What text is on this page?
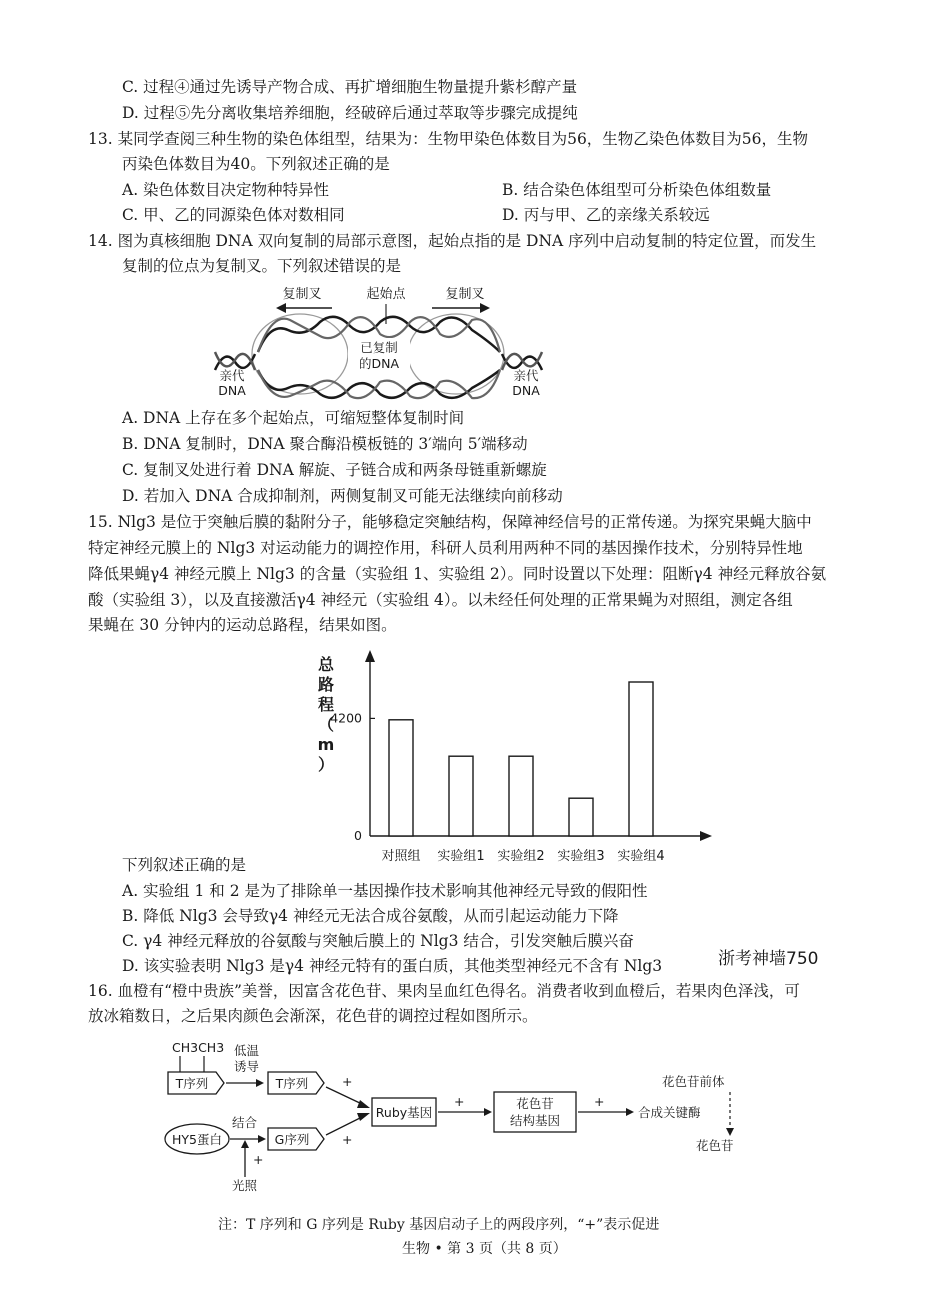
C. 过程④通过先诱导产物合成、再扩增细胞生物量提升紫杉醇产量
D. 过程⑤先分离收集培养细胞，经破碎后通过萃取等步骤完成提纯
13. 某同学查阅三种生物的染色体组型，结果为：生物甲染色体数目为56，生物乙染色体数目为56，生物
丙染色体数目为40。下列叙述正确的是
A. 染色体数目决定物种特异性	B. 结合染色体组型可分析染色体组数量
C. 甲、乙的同源染色体对数相同	D. 丙与甲、乙的亲缘关系较远
14. 图为真核细胞 DNA 双向复制的局部示意图，起始点指的是 DNA 序列中启动复制的特定位置，而发生
复制的位点为复制叉。下列叙述错误的是
已复制
的DNA
复制叉	起始点	复制叉
亲代
DNA
亲代
DNA
A. DNA 上存在多个起始点，可缩短整体复制时间
B. DNA 复制时，DNA 聚合酶沿模板链的 3′端向 5′端移动
C. 复制叉处进行着 DNA 解旋、子链合成和两条母链重新螺旋
D. 若加入 DNA 合成抑制剂，两侧复制叉可能无法继续向前移动
15. Nlg3 是位于突触后膜的黏附分子，能够稳定突触结构，保障神经信号的正常传递。为探究果蝇大脑中
特定神经元膜上的 Nlg3 对运动能力的调控作用，科研人员利用两种不同的基因操作技术，分别特异性地
降低果蝇γ4 神经元膜上 Nlg3 的含量（实验组 1、实验组 2）。同时设置以下处理：阻断γ4 神经元释放谷氨
酸（实验组 3），以及直接激活γ4 神经元（实验组 4）。以未经任何处理的正常果蝇为对照组，测定各组
果蝇在 30 分钟内的运动总路程，结果如图。
总
路
程
（
m
）
0
4200
对照组 实验组1 实验组2 实验组3 实验组4
下列叙述正确的是
A. 实验组 1 和 2 是为了排除单一基因操作技术影响其他神经元导致的假阳性
B. 降低 Nlg3 会导致γ4 神经元无法合成谷氨酸，从而引起运动能力下降
C. γ4 神经元释放的谷氨酸与突触后膜上的 Nlg3 结合，引发突触后膜兴奋
D. 该实验表明 Nlg3 是γ4 神经元特有的蛋白质，其他类型神经元不含有 Nlg3	浙考神墙750
16. 血橙有“橙中贵族”美誉，因富含花色苷、果肉呈血红色得名。消费者收到血橙后，若果肉色泽浅，可
放冰箱数日，之后果肉颜色会渐深，花色苷的调控过程如图所示。
CH3CH3
T序列
低温
诱导
T序列
HY5蛋白
结合
G序列
+
光照
+
+
Ruby基因
+	花色苷
结构基因
+
合成关键酶
花色苷前体
花色苷
注：T 序列和 G 序列是 Ruby 基因启动子上的两段序列，“+”表示促进
生物 • 第 3 页（共 8 页）
